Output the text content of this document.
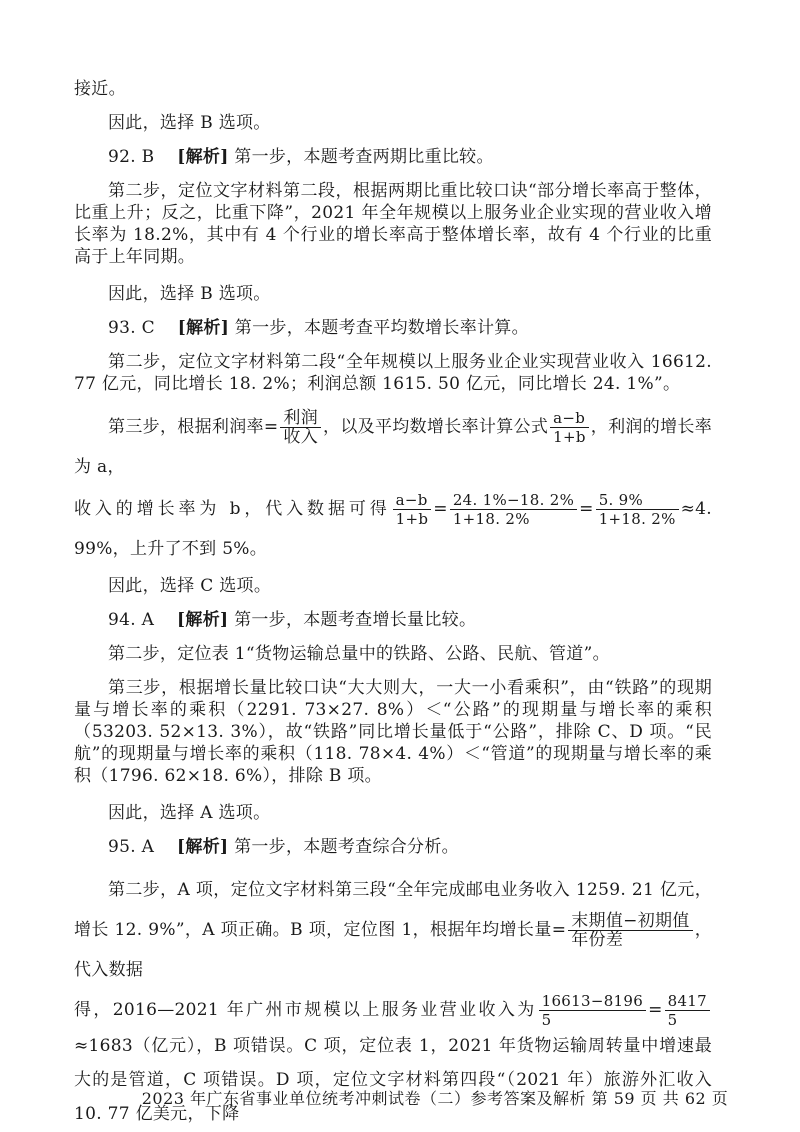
接近。

因此，选择 B 选项。

92. B [解析] 第一步，本题考查两期比重比较。

第二步，定位文字材料第二段，根据两期比重比较口诀“部分增长率高于整体，比重上升；反之，比重下降”，2021 年全年规模以上服务业企业实现的营业收入增长率为 18.2%，其中有 4 个行业的增长率高于整体增长率，故有 4 个行业的比重高于上年同期。

因此，选择 B 选项。

93. C [解析] 第一步，本题考查平均数增长率计算。

第二步，定位文字材料第二段“全年规模以上服务业企业实现营业收入 16612. 77 亿元，同比增长 18. 2%；利润总额 1615. 50 亿元，同比增长 24. 1%”。

第三步，根据利润率= $\frac{\text{利润}}{\text{收入}}$ ，以及平均数增长率计算公式 $\frac{a-b}{1+b}$ ，利润的增长率为 a，

收入的增长率为 b，代入数据可得 $\frac{a-b}{1+b} = \frac{24. 1\%-18. 2\%}{1+18. 2\%} = \frac{5. 9\%}{1+18. 2\%} \approx 4$. 99%，上升了不到 5%。

因此，选择 C 选项。

94. A [解析] 第一步，本题考查增长量比较。

第二步，定位表 1“货物运输总量中的铁路、公路、民航、管道”。

第三步，根据增长量比较口诀“大大则大，一大一小看乘积”，由“铁路”的现期量与增长率的乘积（2291. 73×27. 8%）＜“公路”的现期量与增长率的乘积（53203. 52×13. 3%），故“铁路”同比增长量低于“公路”，排除 C、D 项。“民航”的现期量与增长率的乘积（118. 78×4. 4%）＜“管道”的现期量与增长率的乘积（1796. 62×18. 6%），排除 B 项。

因此，选择 A 选项。

95. A [解析] 第一步，本题考查综合分析。

第二步，A 项，定位文字材料第三段“全年完成邮电业务收入 1259. 21 亿元，增长 12. 9%”，A 项正确。B 项，定位图 1，根据年均增长量= $\frac{\text{末期值−初期值}}{\text{年份差}}$ ，代入数据

得，2016—2021 年广州市规模以上服务业营业收入为 $\frac{16613-8196}{5} = \frac{8417}{5}$
≈1683（亿元），B 项错误。C 项，定位表 1，2021 年货物运输周转量中增速最大的是管道，C 项错误。D 项，定位文字材料第四段“（2021 年）旅游外汇收入 10. 77 亿美元，下降

2023 年广东省事业单位统考冲刺试卷（二）参考答案及解析 第 59 页 共 62 页
